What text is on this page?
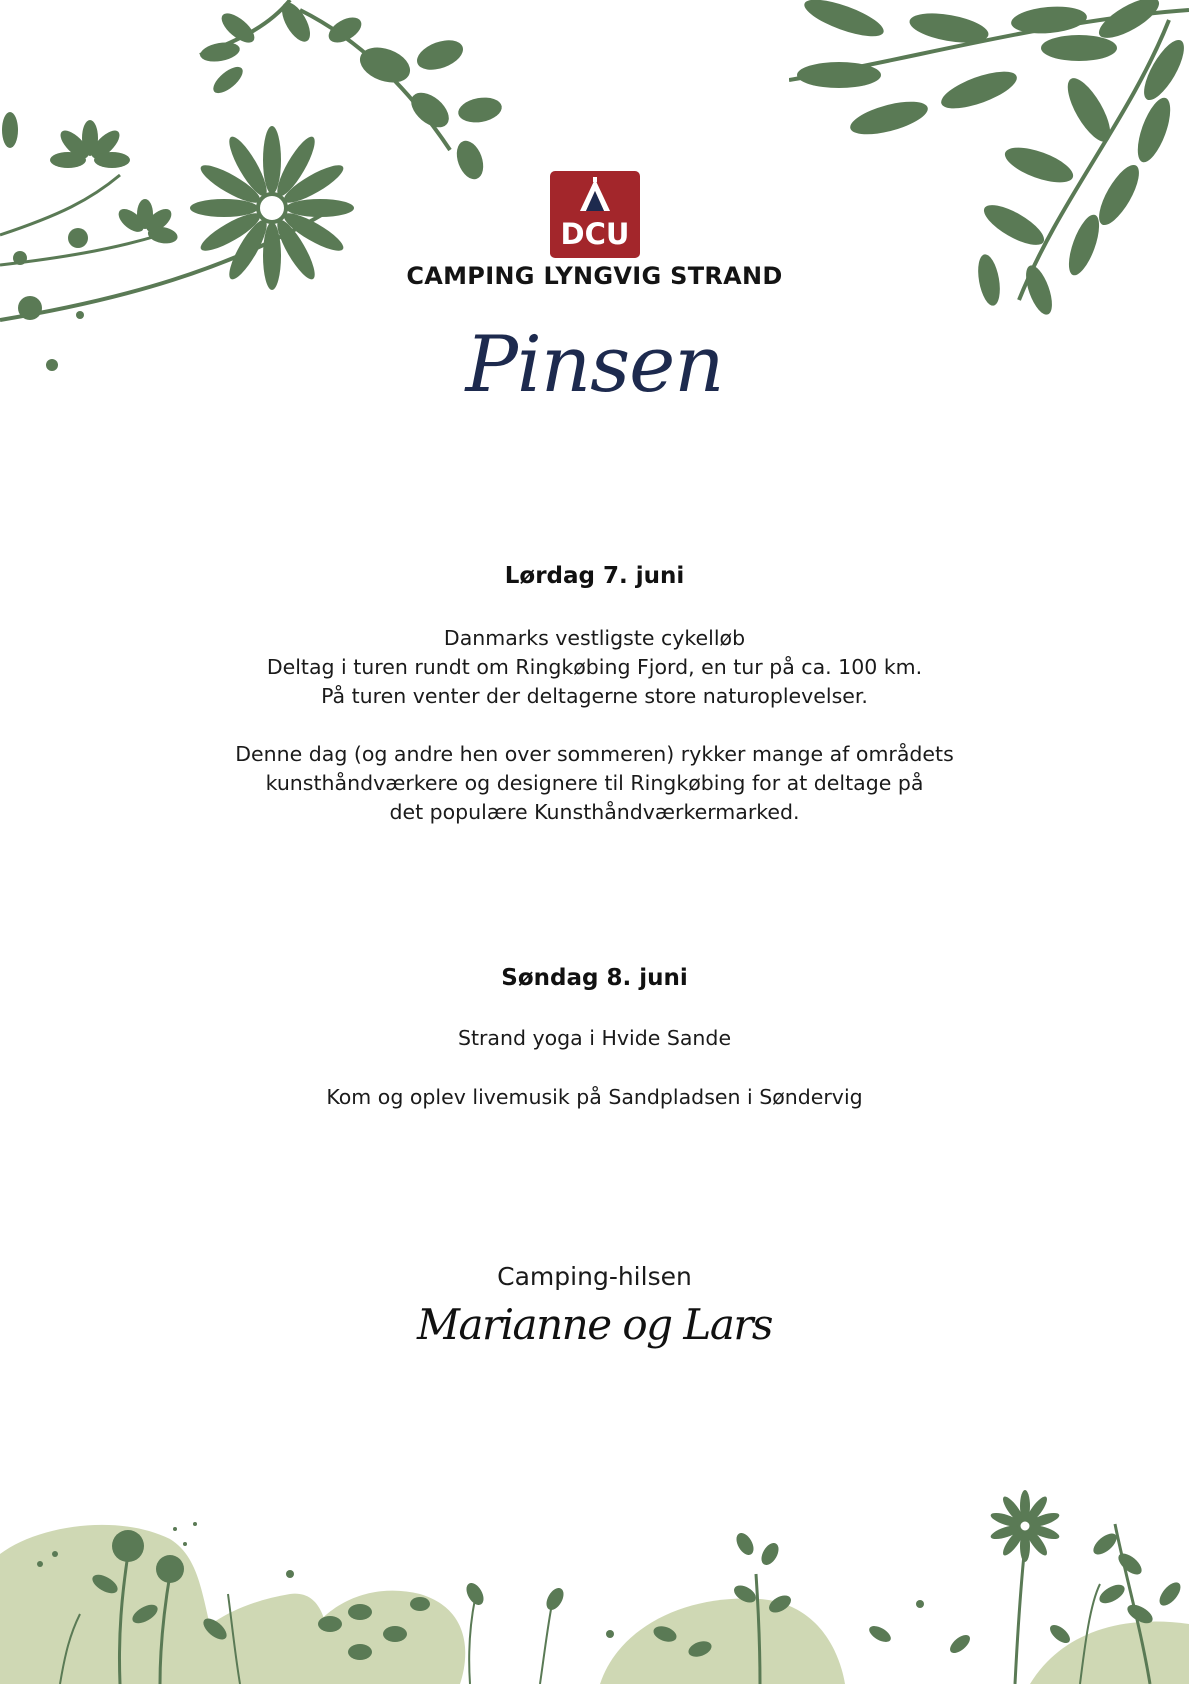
DCU
CAMPING LYNGVIG STRAND
Pinsen
Lørdag 7. juni
Danmarks vestligste cykelløb
Deltag i turen rundt om Ringkøbing Fjord, en tur på ca. 100 km.
På turen venter der deltagerne store naturoplevelser.
Denne dag (og andre hen over sommeren) rykker mange af områdets
kunsthåndværkere og designere til Ringkøbing for at deltage på
det populære Kunsthåndværkermarked.
Søndag 8. juni
Strand yoga i Hvide Sande
Kom og oplev livemusik på Sandpladsen i Søndervig
Camping-hilsen
Marianne og Lars
